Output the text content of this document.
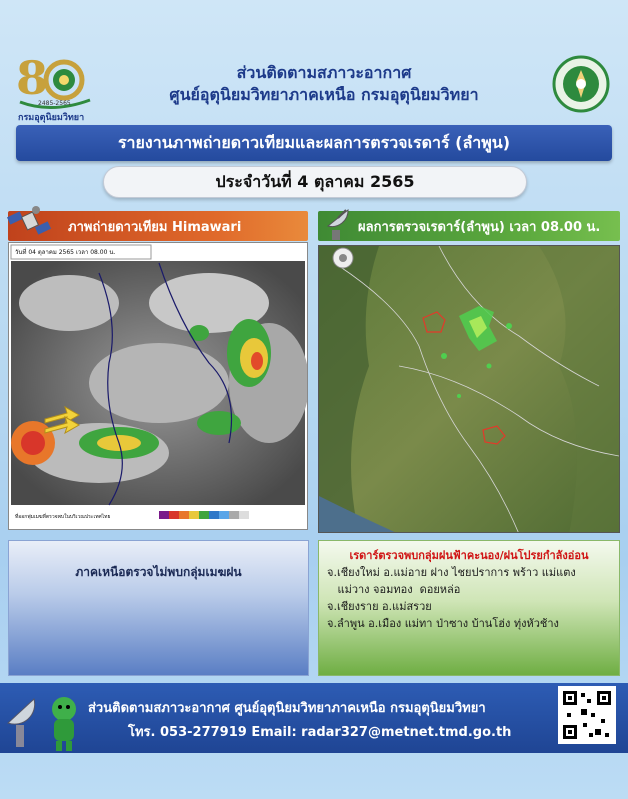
8
2485-2565
กรมอุตุนิยมวิทยา
ส่วนติดตามสภาวะอากาศ
ศูนย์อุตุนิยมวิทยาภาคเหนือ กรมอุตุนิยมวิทยา
รายงานภาพถ่ายดาวเทียมและผลการตรวจเรดาร์ (ลำพูน)
ประจำวันที่ 4 ตุลาคม 2565
ภาพถ่ายดาวเทียม Himawari
วันที่ 04 ตุลาคม 2565 เวลา 08.00 น.
ที่ออกพุ่มเมฆที่ตรวจพบในบริเวณประเทศไทย
ผลการตรวจเรดาร์(ลำพูน) เวลา 08.00 น.
ภาคเหนือตรวจไม่พบกลุ่มเมฆฝน
เรดาร์ตรวจพบกลุ่มฝนฟ้าคะนอง/ฝนโปรยกำลังอ่อน
จ.เชียงใหม่ อ.แม่อาย ฝาง ไชยปราการ พร้าว แม่แตง
แม่วาง จอมทอง  ดอยหล่อ
จ.เชียงราย อ.แม่สรวย
จ.ลำพูน อ.เมือง แม่ทา ป่าซาง บ้านโฮ่ง ทุ่งหัวช้าง
ส่วนติดตามสภาวะอากาศ ศูนย์อุตุนิยมวิทยาภาคเหนือ กรมอุตุนิยมวิทยา
โทร. 053-277919 Email: radar327@metnet.tmd.go.th
